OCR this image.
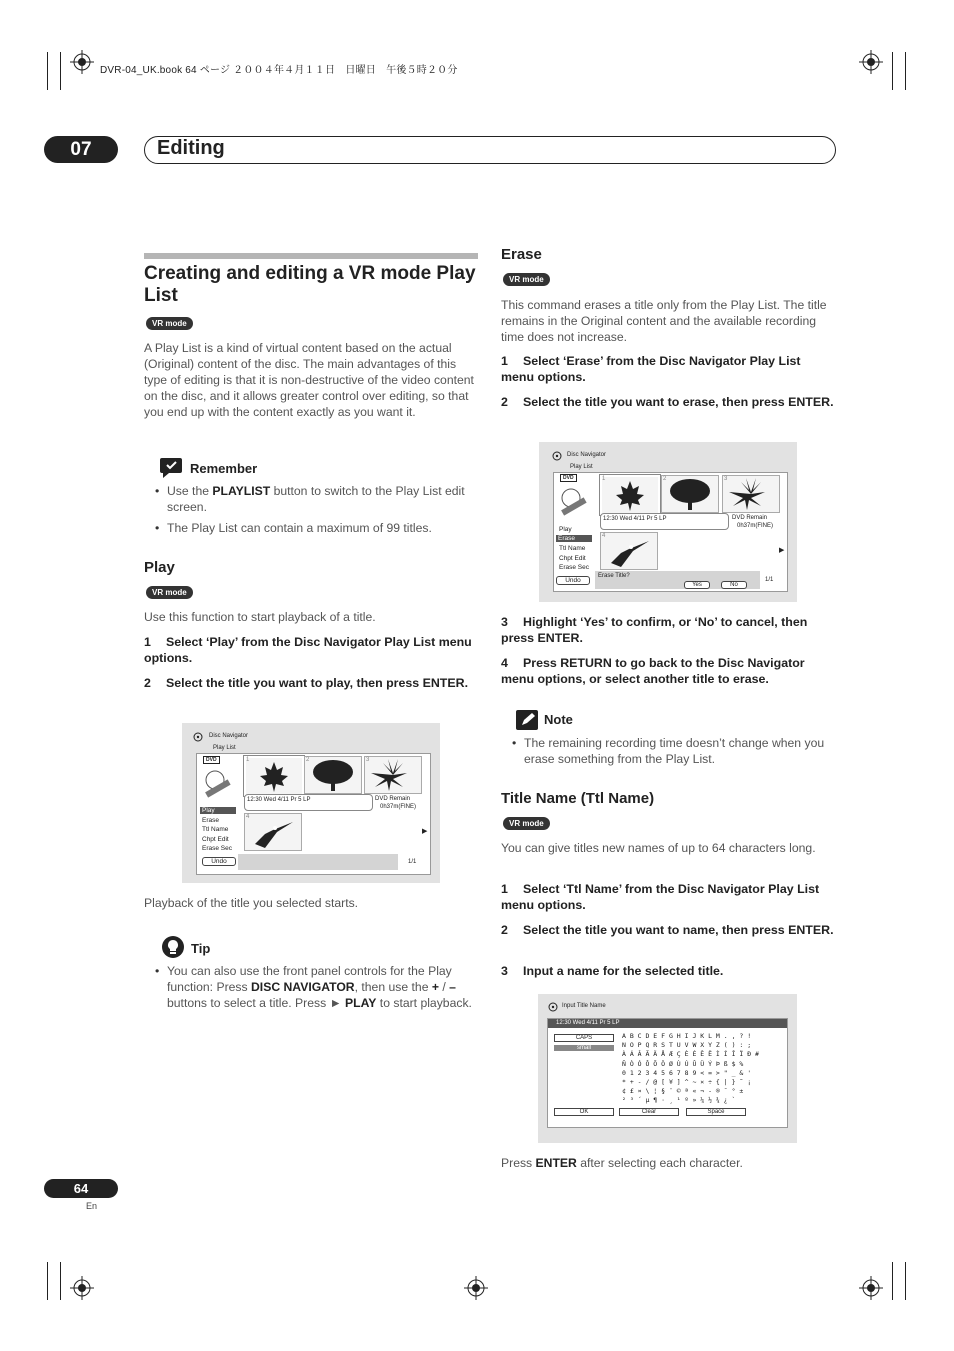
DVR-04_UK.book 64 ページ ２００４年４月１１日　日曜日　午後５時２０分
07	Editing
Creating and editing a VR mode Play List
VR mode
A Play List is a kind of virtual content based on the actual (Original) content of the disc. The main advantages of this type of editing is that it is non-destructive of the video content on the disc, and it allows greater control over editing, so that you end up with the content exactly as you want it.
Remember
• Use the PLAYLIST button to switch to the Play List edit screen.
• The Play List can contain a maximum of 99 titles.
Play
VR mode
Use this function to start playback of a title.
1 Select ‘Play’ from the Disc Navigator Play List menu options.
2 Select the title you want to play, then press ENTER.
Disc Navigator
Play List
DVD
Play
Erase
Ttl Name
Chpt Edit
Erase Sec
Undo
1	2	3
12:30 Wed 4/11 Pr 5 LP	DVD Remain
0h37m(FINE)
4
1/1
▶
Playback of the title you selected starts.
Tip
• You can also use the front panel controls for the Play function: Press DISC NAVIGATOR, then use the + / – buttons to select a title. Press ► PLAY to start playback.
Erase
VR mode
This command erases a title only from the Play List. The title remains in the Original content and the available recording time does not increase.
1 Select ‘Erase’ from the Disc Navigator Play List menu options.
2 Select the title you want to erase, then press ENTER.
Disc Navigator
Play List
DVD
Play
Erase
Ttl Name
Chpt Edit
Erase Sec
Undo
1	2	3
12:30 Wed 4/11 Pr 5 LP	DVD Remain
0h37m(FINE)
4
Erase Title?
Yes	No
1/1
▶
3 Highlight ‘Yes’ to confirm, or ‘No’ to cancel, then press ENTER.
4 Press RETURN to go back to the Disc Navigator menu options, or select another title to erase.
Note
• The remaining recording time doesn’t change when you erase something from the Play List.
Title Name (Ttl Name)
VR mode
You can give titles new names of up to 64 characters long.
1 Select ‘Ttl Name’ from the Disc Navigator Play List menu options.
2 Select the title you want to name, then press ENTER.
3 Input a name for the selected title.
Input Title Name
12:30 Wed 4/11 Pr 5 LP
CAPS
small
A B C D E F G H I J K L M . , ? !
N O P Q R S T U V W X Y Z ( ) : ;
À Á Â Ã Ä Å Æ Ç È É Ê Ë Ì Í Î Ï Ð #
Ñ Ò Ó Ô Õ Ö Ø Ù Ú Û Ü Ý Þ ß $ %
0 1 2 3 4 5 6 7 8 9 < = > " _ & '
* + - / @ [ ¥ ] ^ ~ × ÷ { | } ˜ ¡
¢ £ ¤ \ ¦ § ¨ © ª « ¬ - ® ¯ ° ±
² ³ ´ µ ¶ · ¸ ¹ º » ¼ ½ ¾ ¿ `
OK	Clear	Space
Press ENTER after selecting each character.
64
En
